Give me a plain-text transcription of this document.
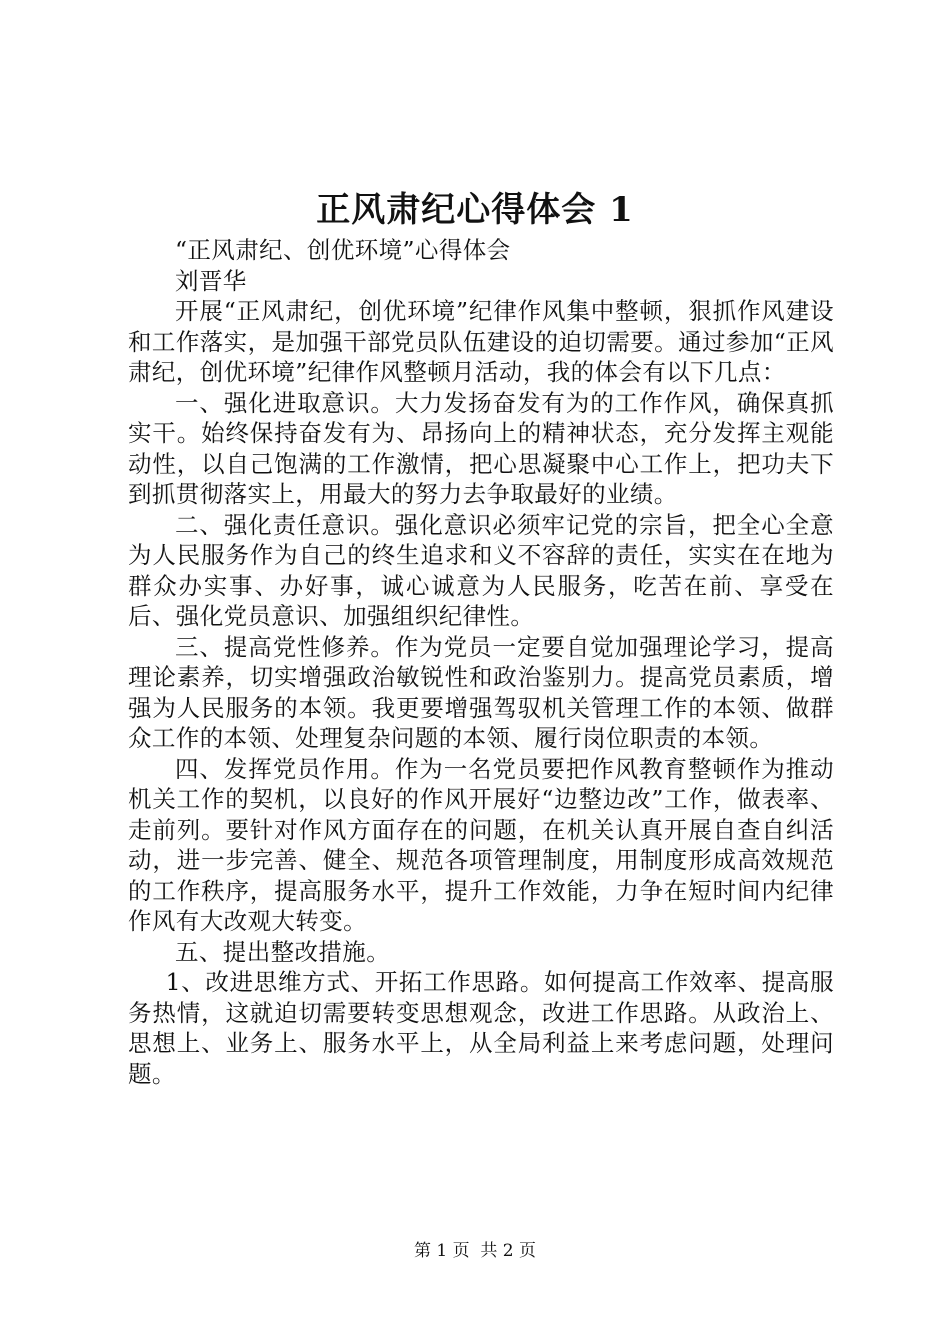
正风肃纪心得体会 1

“正风肃纪、创优环境”心得体会

刘晋华

开展“正风肃纪，创优环境”纪律作风集中整顿，狠抓作风建设和工作落实，是加强干部党员队伍建设的迫切需要。通过参加“正风肃纪，创优环境”纪律作风整顿月活动，我的体会有以下几点：

一、强化进取意识。大力发扬奋发有为的工作作风，确保真抓实干。始终保持奋发有为、昂扬向上的精神状态，充分发挥主观能动性，以自己饱满的工作激情，把心思凝聚中心工作上，把功夫下到抓贯彻落实上，用最大的努力去争取最好的业绩。

二、强化责任意识。强化意识必须牢记党的宗旨，把全心全意为人民服务作为自己的终生追求和义不容辞的责任，实实在在地为群众办实事、办好事，诚心诚意为人民服务，吃苦在前、享受在后、强化党员意识、加强组织纪律性。

三、提高党性修养。作为党员一定要自觉加强理论学习，提高理论素养，切实增强政治敏锐性和政治鉴别力。提高党员素质，增强为人民服务的本领。我更要增强驾驭机关管理工作的本领、做群众工作的本领、处理复杂问题的本领、履行岗位职责的本领。

四、发挥党员作用。作为一名党员要把作风教育整顿作为推动机关工作的契机，以良好的作风开展好“边整边改”工作，做表率、走前列。要针对作风方面存在的问题，在机关认真开展自查自纠活动，进一步完善、健全、规范各项管理制度，用制度形成高效规范的工作秩序，提高服务水平，提升工作效能，力争在短时间内纪律作风有大改观大转变。

五、提出整改措施。

1、改进思维方式、开拓工作思路。如何提高工作效率、提高服务热情，这就迫切需要转变思想观念，改进工作思路。从政治上、思想上、业务上、服务水平上，从全局利益上来考虑问题，处理问题。

第 1 页  共 2 页
